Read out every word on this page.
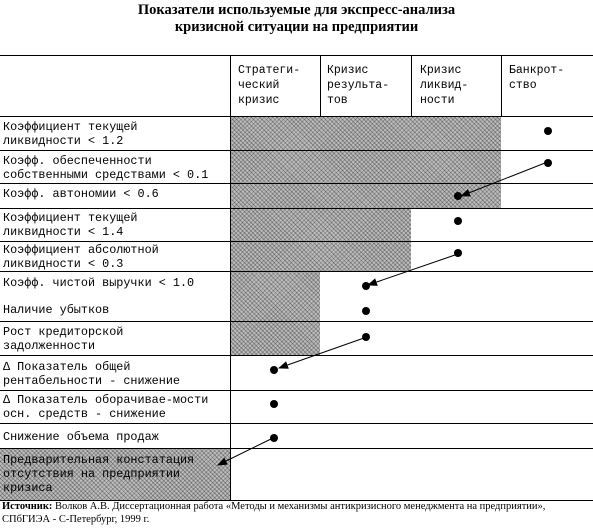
Показатели используемые для экспресс-анализа
кризисной ситуации на предприятии
Стратеги-
ческий
кризис
Кризис
результа-
тов
Кризис
ликвид-
ности
Банкрот-
ство
Коэффициент текущей
ликвидности < 1.2
Коэфф. обеспеченности
собственными средствами < 0.1
Коэфф. автономии < 0.6
Коэффициент текущей
ликвидности < 1.4
Коэффициент абсолютной
ликвидности < 0.3
Коэфф. чистой выручки < 1.0
Наличие убытков
Рост кредиторской
задолженности
∆ Показатель общей
рентабельности - снижение
∆ Показатель оборачивае-мости
осн. средств - снижение
Снижение объема продаж
Предварительная констатация
отсутствия на предприятии
кризиса
Источник: Волков А.В. Диссертационная работа «Методы и механизмы антикризисного менеджмента на предприятии», СПбГИЭА - С-Петербург, 1999 г.
